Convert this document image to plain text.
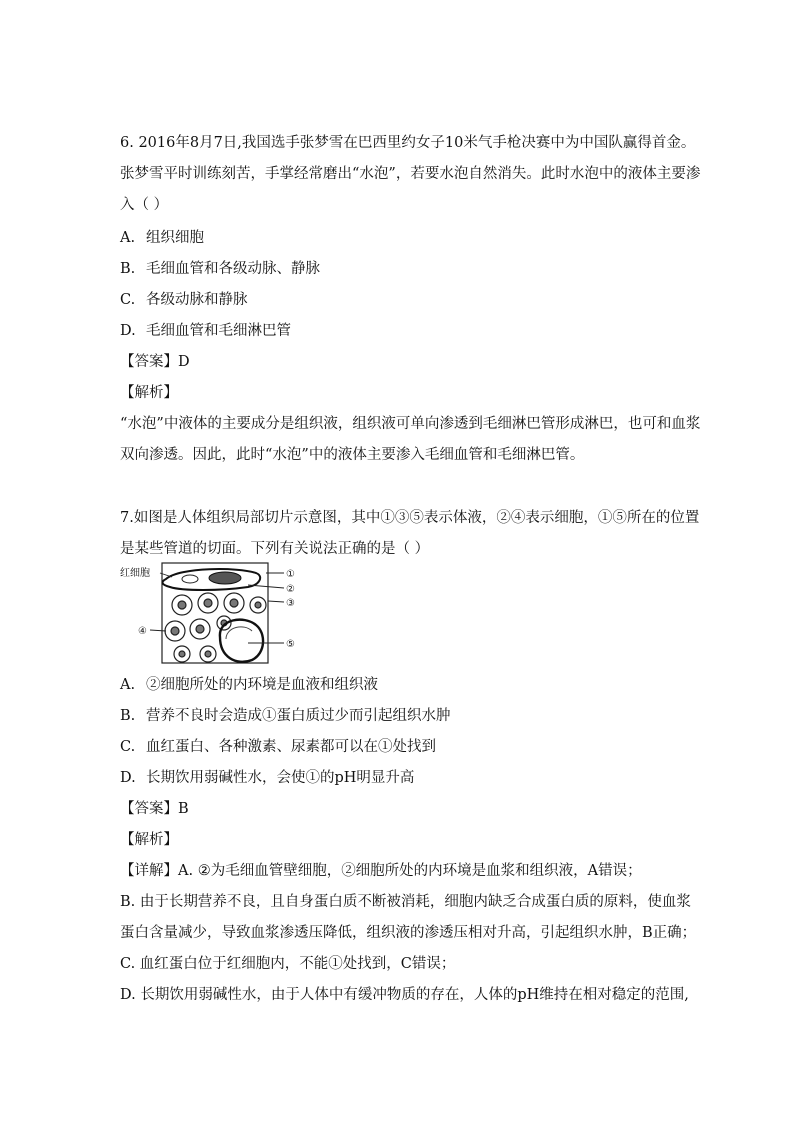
6. 2016年8月7日,我国选手张梦雪在巴西里约女子10米气手枪决赛中为中国队赢得首金。
张梦雪平时训练刻苦，手掌经常磨出“水泡”，若要水泡自然消失。此时水泡中的液体主要渗
入（ ）
A. 组织细胞
B. 毛细血管和各级动脉、静脉
C. 各级动脉和静脉
D. 毛细血管和毛细淋巴管
【答案】D
【解析】
“水泡”中液体的主要成分是组织液，组织液可单向渗透到毛细淋巴管形成淋巴，也可和血浆
双向渗透。因此，此时“水泡”中的液体主要渗入毛细血管和毛细淋巴管。
7.如图是人体组织局部切片示意图，其中①③⑤表示体液，②④表示细胞，①⑤所在的位置
是某些管道的切面。下列有关说法正确的是（ ）
红细胞	①
②
③
④
⑤
A. ②细胞所处的内环境是血液和组织液
B. 营养不良时会造成①蛋白质过少而引起组织水肿
C. 血红蛋白、各种激素、尿素都可以在①处找到
D. 长期饮用弱碱性水，会使①的pH明显升高
【答案】B
【解析】
【详解】A. ②为毛细血管壁细胞，②细胞所处的内环境是血浆和组织液，A错误；
B. 由于长期营养不良，且自身蛋白质不断被消耗，细胞内缺乏合成蛋白质的原料，使血浆
蛋白含量减少，导致血浆渗透压降低，组织液的渗透压相对升高，引起组织水肿，B正确；
C. 血红蛋白位于红细胞内，不能①处找到，C错误；
D. 长期饮用弱碱性水，由于人体中有缓冲物质的存在，人体的pH维持在相对稳定的范围,
